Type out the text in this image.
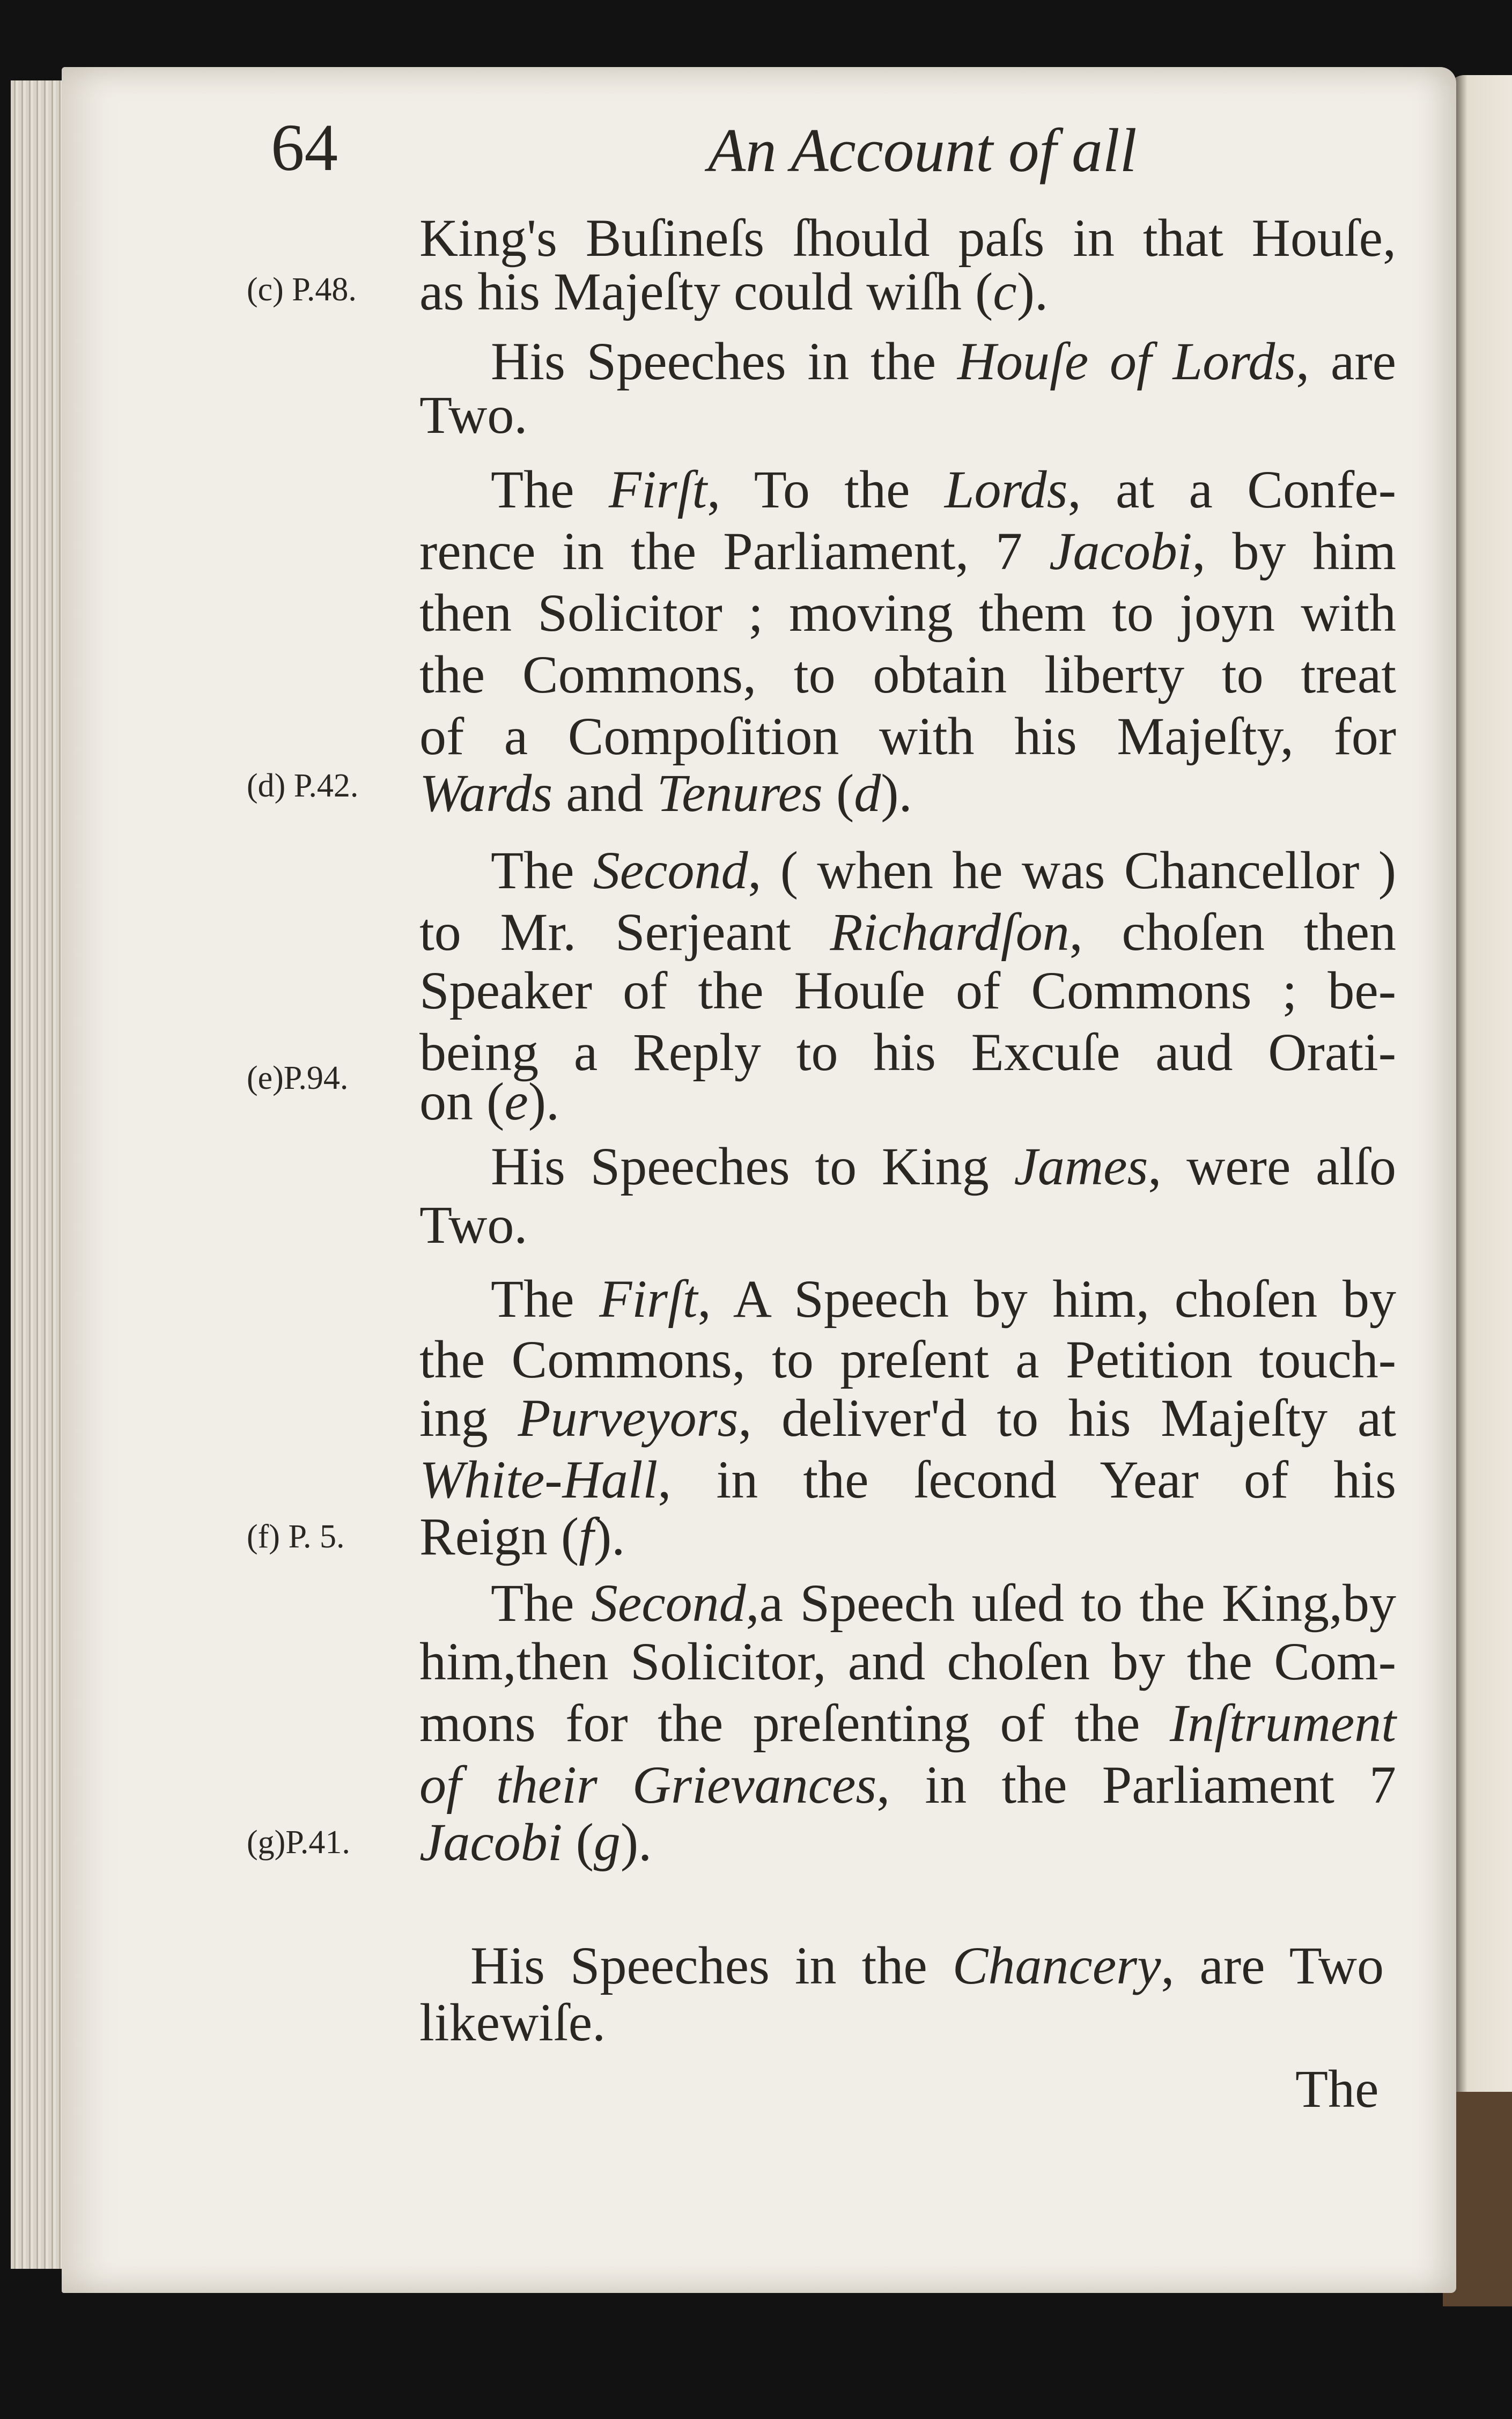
64	An Account of all
King's Buſineſs ſhould paſs in that Houſe,
as his Majeſty could wiſh (c).
His Speeches in the Houſe of Lords, are
Two.
The Firſt, To the Lords, at a Confe-
rence in the Parliament, 7 Jacobi, by him
then Solicitor ; moving them to joyn with
the Commons, to obtain liberty to treat
of a Compoſition with his Majeſty, for
Wards and Tenures (d).
The Second, ( when he was Chancellor )
to Mr. Serjeant Richardſon, choſen then
Speaker of the Houſe of Commons ; be-
being a Reply to his Excuſe aud Orati-
on (e).
His Speeches to King James, were alſo
Two.
The Firſt, A Speech by him, choſen by
the Commons, to preſent a Petition touch-
ing Purveyors, deliver'd to his Majeſty at
White-Hall, in the ſecond Year of his
Reign (f).
The Second,a Speech uſed to the King,by
him,then Solicitor, and choſen by the Com-
mons for the preſenting of the Inſtrument
of their Grievances, in the Parliament 7
Jacobi (g).
His Speeches in the Chancery, are Two
likewiſe.
(c) P.48.
(d) P.42.
(e)P.94.
(f) P. 5.
(g)P.41.
The
